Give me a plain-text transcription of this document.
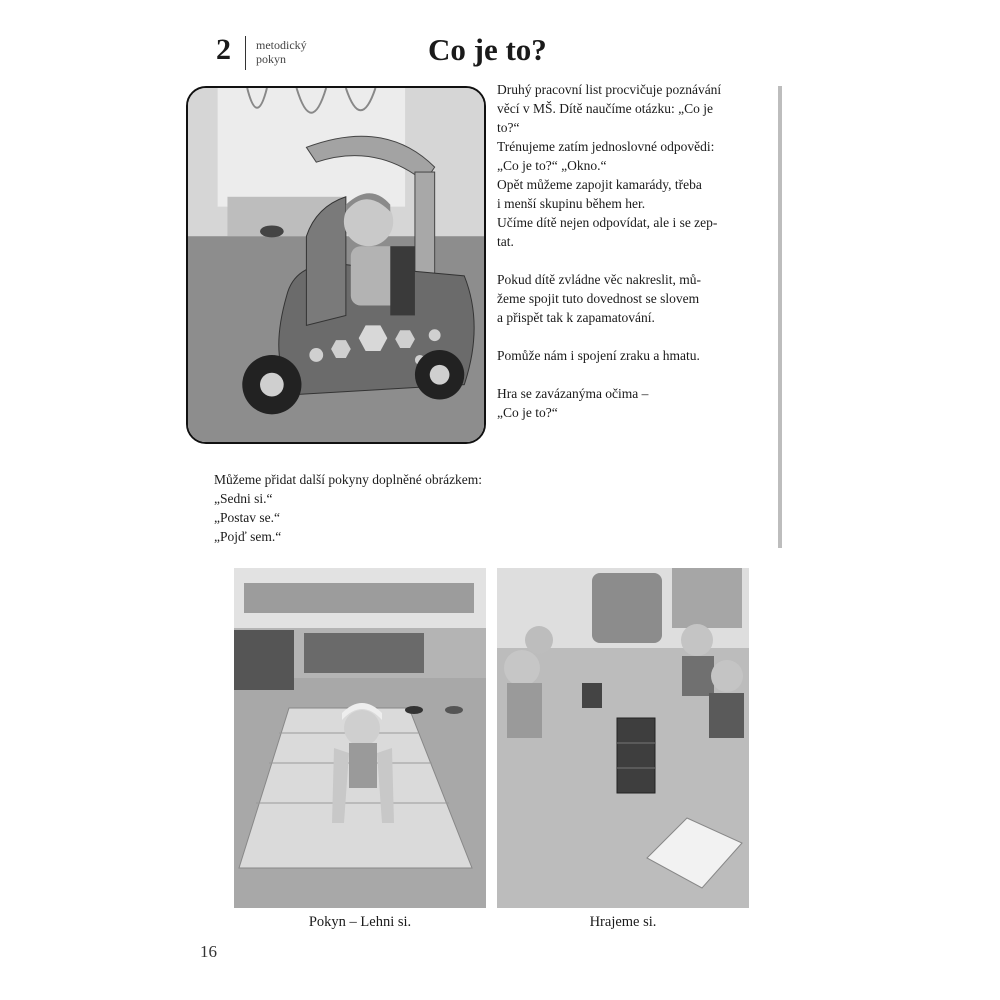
2 metodický
pokyn	Co je to?

Druhý pracovní list procvičuje poznávání
věcí v MŠ. Dítě naučíme otázku: „Co je
to?“
Trénujeme zatím jednoslovné odpovědi:
„Co je to?“ „Okno.“
Opět můžeme zapojit kamarády, třeba
i menší skupinu během her.
Učíme dítě nejen odpovídat, ale i se zep-
tat.

Pokud dítě zvládne věc nakreslit, mů-
žeme spojit tuto dovednost se slovem
a přispět tak k zapamatování.

Pomůže nám i spojení zraku a hmatu.

Hra se zavázanýma očima –
„Co je to?“

Můžeme přidat další pokyny doplněné obrázkem:
„Sedni si.“
„Postav se.“
„Pojď sem.“
Pokyn – Lehni si.	Hrajeme si.
16
